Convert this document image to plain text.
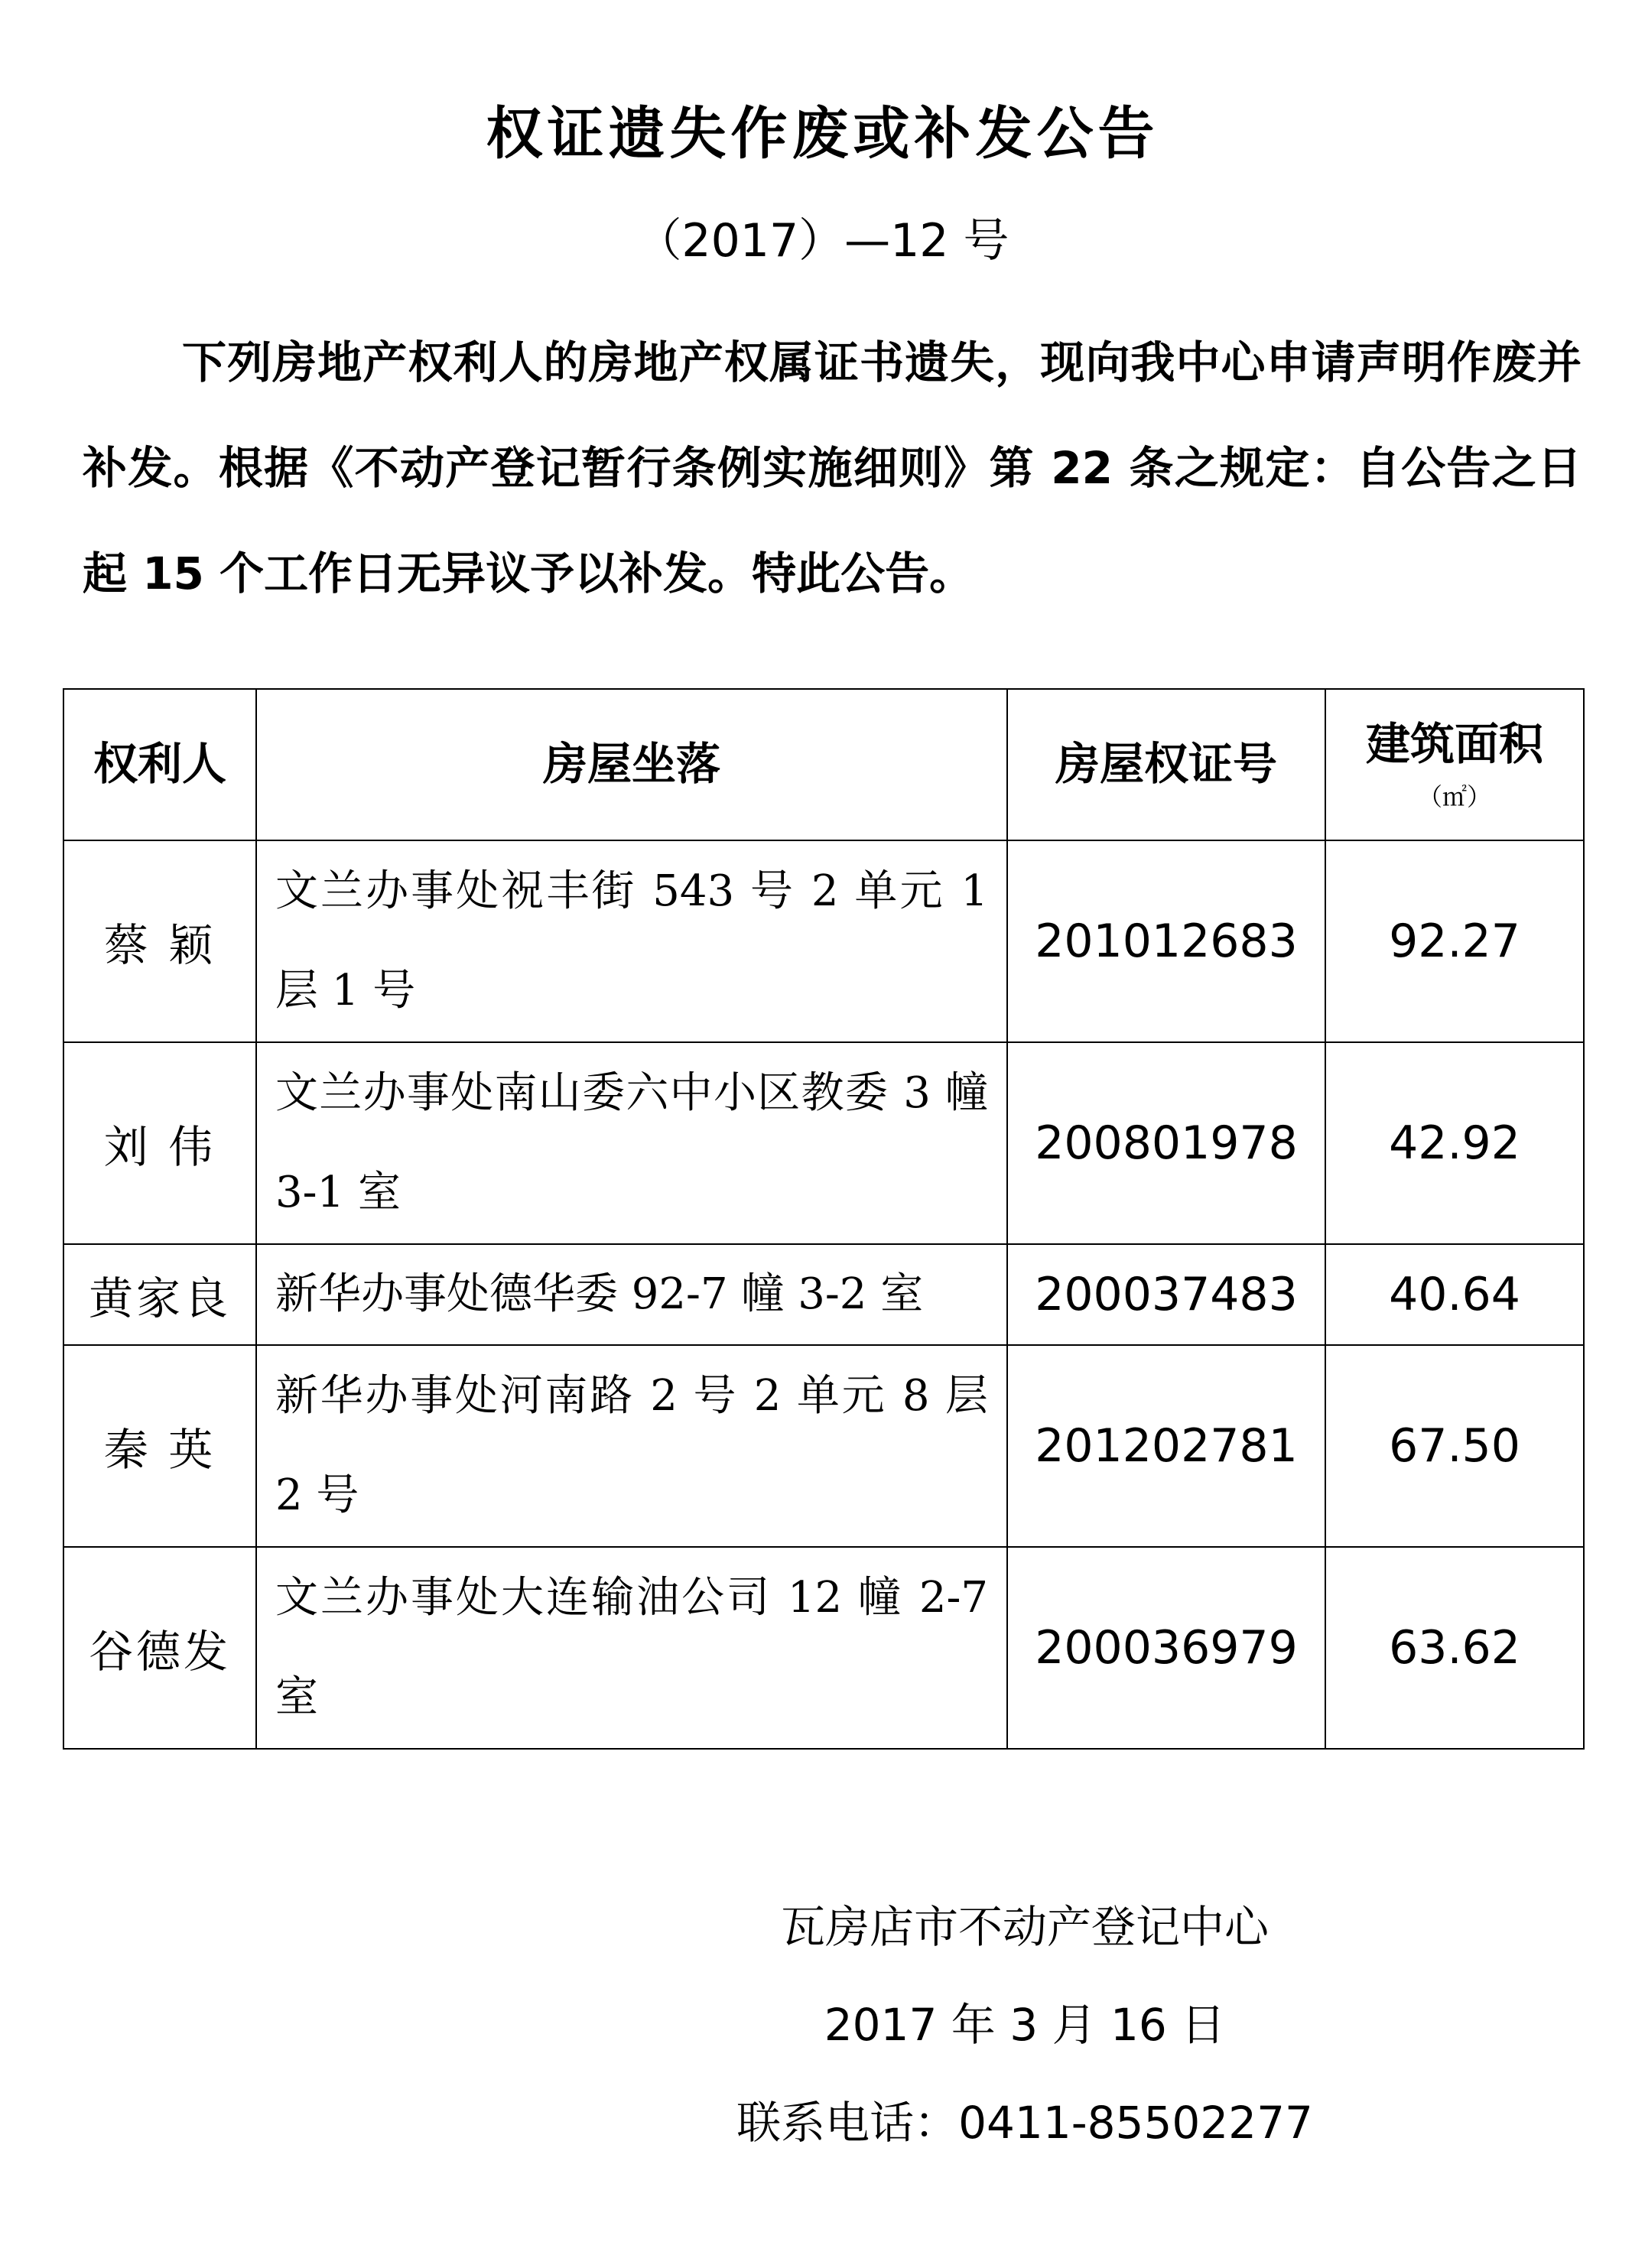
权证遗失作废或补发公告
（2017）—12 号
下列房地产权利人的房地产权属证书遗失，现向我中心申请声明作废并补发。根据《不动产登记暂行条例实施细则》第 22 条之规定：自公告之日起 15 个工作日无异议予以补发。特此公告。
权利人	房屋坐落	房屋权证号	建筑面积
（㎡）

蔡 颖	文兰办事处祝丰街 543 号 2 单元 1 层 1 号	201012683	92.27
刘 伟	文兰办事处南山委六中小区教委 3 幢 3-1 室	200801978	42.92
黄家良	新华办事处德华委 92-7 幢 3-2 室	200037483	40.64
秦 英	新华办事处河南路 2 号 2 单元 8 层 2 号	201202781	67.50
谷德发	文兰办事处大连输油公司 12 幢 2-7 室	200036979	63.62
瓦房店市不动产登记中心
2017 年 3 月 16 日
联系电话：0411-85502277
